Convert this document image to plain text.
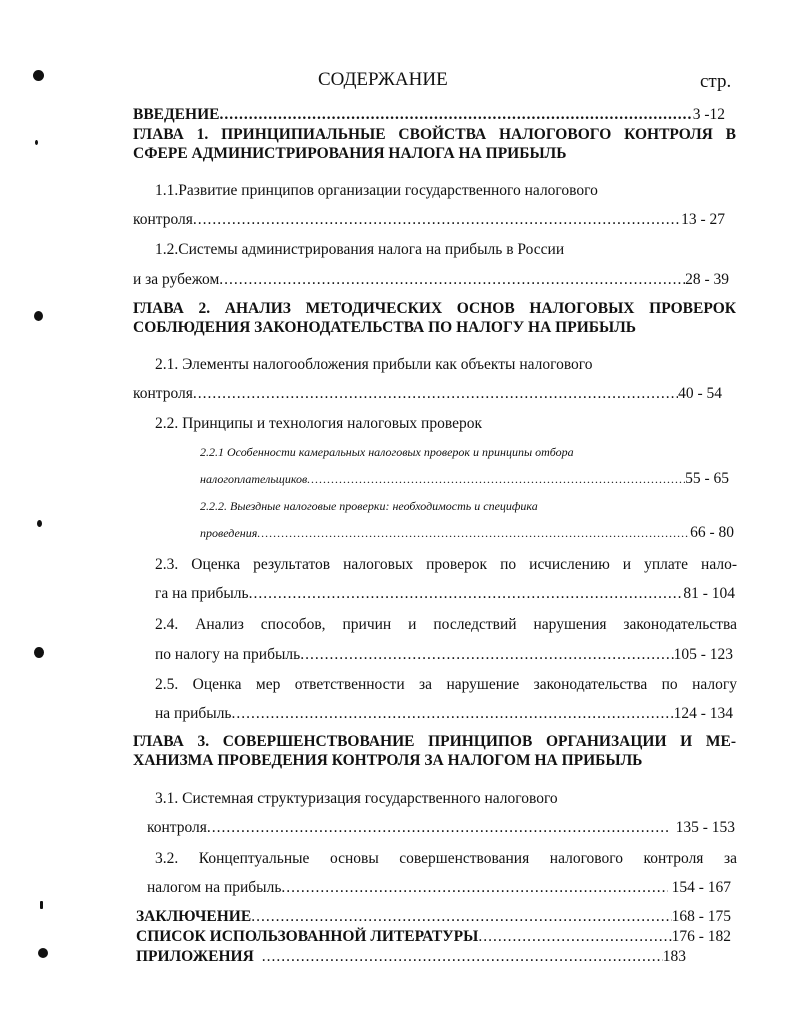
СОДЕРЖАНИЕ	стр.
ВВЕДЕНИЕ .....	3 -12
ГЛАВА 1. ПРИНЦИПИАЛЬНЫЕ СВОЙСТВА НАЛОГОВОГО КОНТРОЛЯ В
СФЕРЕ АДМИНИСТРИРОВАНИЯ НАЛОГА НА ПРИБЫЛЬ
1.1.Развитие принципов организации государственного налогового
контроля .....	13 - 27
1.2.Системы администрирования налога на прибыль в России
и за рубежом .....	28 - 39
ГЛАВА 2. АНАЛИЗ МЕТОДИЧЕСКИХ ОСНОВ НАЛОГОВЫХ ПРОВЕРОК
СОБЛЮДЕНИЯ ЗАКОНОДАТЕЛЬСТВА ПО НАЛОГУ НА ПРИБЫЛЬ
2.1. Элементы налогообложения прибыли как объекты налогового
контроля .....	40 - 54
2.2. Принципы и технология налоговых проверок
2.2.1 Особенности камеральных налоговых проверок и принципы отбора
налогоплательщиков .....	55 - 65
2.2.2. Выездные налоговые проверки: необходимость и специфика
проведения .....	66 - 80
2.3. Оценка результатов налоговых проверок по исчислению и уплате нало-
га на прибыль .....	81 - 104
2.4. Анализ способов, причин и последствий нарушения законодательства
по налогу на прибыль .....	105 - 123
2.5. Оценка мер ответственности за нарушение законодательства по налогу
на прибыль .....	124 - 134
ГЛАВА 3. СОВЕРШЕНСТВОВАНИЕ ПРИНЦИПОВ ОРГАНИЗАЦИИ И МЕ-
ХАНИЗМА ПРОВЕДЕНИЯ КОНТРОЛЯ ЗА НАЛОГОМ НА ПРИБЫЛЬ
3.1. Системная структуризация государственного налогового
контроля .....	135 - 153
3.2. Концептуальные основы совершенствования налогового контроля за
налогом на прибыль .....	154 - 167
ЗАКЛЮЧЕНИЕ .....	168 - 175
СПИСОК ИСПОЛЬЗОВАННОЙ ЛИТЕРАТУРЫ .....	176 - 182
ПРИЛОЖЕНИЯ .....	183
